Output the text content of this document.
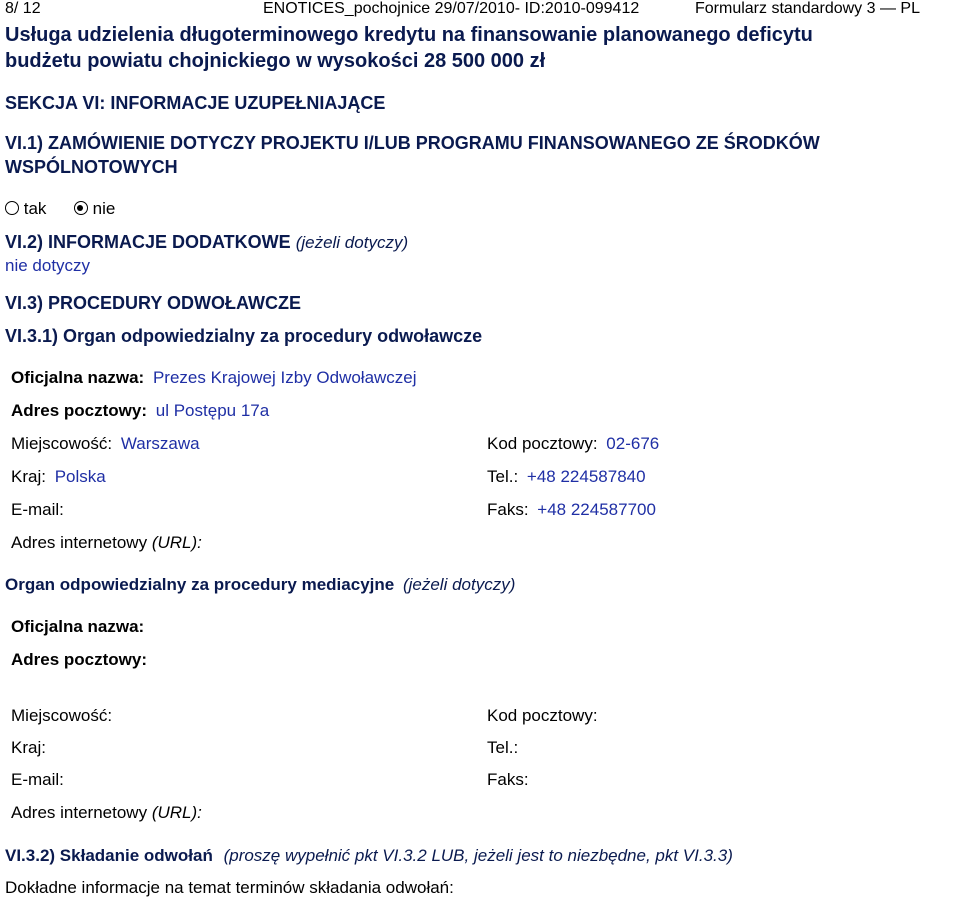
8/ 12	ENOTICES_pochojnice 29/07/2010- ID:2010-099412	Formularz standardowy 3 — PL
Usługa udzielenia długoterminowego kredytu na finansowanie planowanego deficytu
budżetu powiatu chojnickiego w wysokości 28 500 000 zł
SEKCJA VI: INFORMACJE UZUPEŁNIAJĄCE
VI.1) ZAMÓWIENIE DOTYCZY PROJEKTU I/LUB PROGRAMU FINANSOWANEGO ZE ŚRODKÓW
WSPÓLNOTOWYCH
tak	nie
VI.2) INFORMACJE DODATKOWE (jeżeli dotyczy)
nie dotyczy
VI.3) PROCEDURY ODWOŁAWCZE
VI.3.1) Organ odpowiedzialny za procedury odwoławcze
Oficjalna nazwa: Prezes Krajowej Izby Odwoławczej
Adres pocztowy: ul Postępu 17a
Miejscowość: Warszawa	Kod pocztowy: 02-676
Kraj: Polska	Tel.: +48 224587840
E-mail:	Faks: +48 224587700
Adres internetowy (URL):
Organ odpowiedzialny za procedury mediacyjne (jeżeli dotyczy)
Oficjalna nazwa:
Adres pocztowy:
Miejscowość:	Kod pocztowy:
Kraj:	Tel.:
E-mail:	Faks:
Adres internetowy (URL):
VI.3.2) Składanie odwołań (proszę wypełnić pkt VI.3.2 LUB, jeżeli jest to niezbędne, pkt VI.3.3)
Dokładne informacje na temat terminów składania odwołań:
